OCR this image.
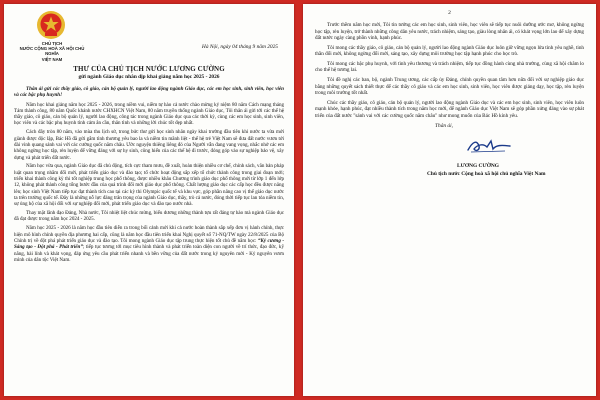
CHỦ TỊCH
NƯỚC CỘNG HOÀ XÃ HỘI CHỦ NGHĨA
VIỆT NAM
Hà Nội, ngày 04 tháng 9 năm 2025
THƯ CỦA CHỦ TỊCH NƯỚC LƯƠNG CƯỜNG
gửi ngành Giáo dục nhân dịp khai giảng năm học 2025 - 2026

Thân ái gửi các thầy giáo, cô giáo, cán bộ quản lý, người lao động ngành Giáo dục, các em học sinh, sinh viên, học viên và các bậc phụ huynh!

Năm học khai giảng năm học 2025 - 2026, trong niềm vui, niềm tự hào cả nước chào mừng kỷ niệm 80 năm Cách mạng tháng Tám thành công, 80 năm Quốc khánh nước CHXHCN Việt Nam, 80 năm truyền thống ngành Giáo dục, Tôi thân ái gửi tới các thế hệ thầy giáo, cô giáo, cán bộ quản lý, người lao động, công tác trong ngành Giáo dục qua các thời kỳ, cùng các em học sinh, sinh viên, học viên và các bậc phụ huynh tình cảm ân cần, thân tình và những lời chúc tốt đẹp nhất.

Cách đây tròn 80 năm, vào mùa thu lịch sử, trong bức thư gửi học sinh nhân ngày khai trường đầu tiên khi nước ta vừa mới giành được độc lập, Bác Hồ đã gửi gắm tình thương yêu bao la và niềm tin mãnh liệt - thế hệ trẻ Việt Nam sẽ đưa đất nước vươn tới đài vinh quang sánh vai với các cường quốc năm châu. Ước nguyện thiêng liêng đó của Người vẫn đang vang vọng, nhắc nhở các em không ngừng học tập, rèn luyện để vững đáng với sự hy sinh, công hiến của các thế hệ đi trước, đóng góp vào sự nghiệp bảo vệ, xây dựng và phát triển đất nước.

Năm học vừa qua, ngành Giáo dục đã chủ động, tích cực tham mưu, đề xuất, hoàn thiện nhiều cơ chế, chính sách, văn bản pháp luật quan trọng nhằm đổi mới, phát triển giáo dục và đào tạo; tổ chức hoạt động sắp xếp tổ chức thành công trong giai đoạn mới; triển khai thành công kỳ thi tốt nghiệp trung học phổ thông, được nhiều khâu Chương trình giáo dục phổ thông mới từ lớp 1 đến lớp 12, không phát thành công tổng bước đầu của quá trình đổi mới giáo dục phổ thông. Chất lượng giáo dục các cấp học đều được nâng lên; học sinh Việt Nam tiếp tục đạt thành tích cao tại các kỳ thi Olympic quốc tế và khu vực, góp phần nâng cao vị thế giáo dục nước ta trên trường quốc tế. Đây là những nỗ lực đáng trân trọng của ngành Giáo dục, thầy, trò cả nước, đóng thời tiếp tục lan tỏa niềm tin, sự ủng hộ của xã hội đối với sự nghiệp đổi mới, phát triển giáo dục và đào tạo nước nhà.

Thay mặt lãnh đạo Đảng, Nhà nước, Tôi nhiệt liệt chúc mừng, biểu dương những thành tựu rất đáng tự hào mà ngành Giáo dục đã đạt được trong năm học 2024 - 2025.

Năm học 2025 - 2026 là năm học đầu tiên diễn ra trong bối cảnh mới khi cả nước hoàn thành sắp xếp đơn vị hành chính, thực hiện mô hình chính quyền địa phương hai cấp, cũng là năm học đầu tiên triển khai Nghị quyết số 71-NQ/TW ngày 22/8/2025 của Bộ Chính trị về đột phá phát triển giáo dục và đào tạo. Tôi mong ngành Giáo dục tập trung thực hiện tốt chủ đề năm học: “Kỷ cương - Sáng tạo - Đột phá - Phát triển”; tiếp tục tương tới mục tiêu hình thành và phát triển toàn diện con người về trí thức, đạo đức, kỹ năng, hài lính và khát vọng, đáp ứng yêu cầu phát triển nhanh và bền vững của đất nước trong kỷ nguyên mới - Kỷ nguyên vươn mình của dân tộc Việt Nam.

2

Trước thềm năm học mới, Tôi tin tưởng các em học sinh, sinh viên, học viên sẽ tiếp tục nuôi dưỡng ước mơ, không ngừng học tập, rèn luyện, trở thành những công dân yêu nước, trách nhiệm, sáng tạo, giàu lòng nhân ái, có khát vọng lớn lao để xây dựng đất nước ngày càng phồn vinh, hạnh phúc.

Tôi mong các thầy giáo, cô giáo, cán bộ quản lý, người lao động ngành Giáo dục luôn giữ vững ngọn lửa tình yêu nghề, tinh thần đổi mới, không ngừng đổi mới, sáng tạo, xây dựng môi trường học tập hạnh phúc cho học trò.

Tôi mong các bậc phụ huynh, với tình yêu thương và trách nhiệm, tiếp tục đồng hành cùng nhà trường, cùng xã hội chăm lo cho thế hệ tương lai.

Tôi đề nghị các ban, bộ, ngành Trung ương, các cấp ủy Đảng, chính quyền quan tâm hơn nữa đối với sự nghiệp giáo dục bằng những quyết sách thiết thực để các thầy cô giáo và các em học sinh, sinh viên, học viên được giảng dạy, học tập, rèn luyện trong môi trường tốt nhất.

Chúc các thầy giáo, cô giáo, cán bộ quản lý, người lao động ngành Giáo dục và các em học sinh, sinh viên, học viên luôn mạnh khỏe, hạnh phúc, đạt nhiều thành tích trong năm học mới, để ngành Giáo dục Việt Nam sẽ góp phần xứng đáng vào sự phát triển của đất nước "sánh vai với các cường quốc năm châu" như mong muốn của Bác Hồ kính yêu.

Thân ái,
LƯƠNG CƯỜNG
Chủ tịch nước Cộng hoà xã hội chủ nghĩa Việt Nam
